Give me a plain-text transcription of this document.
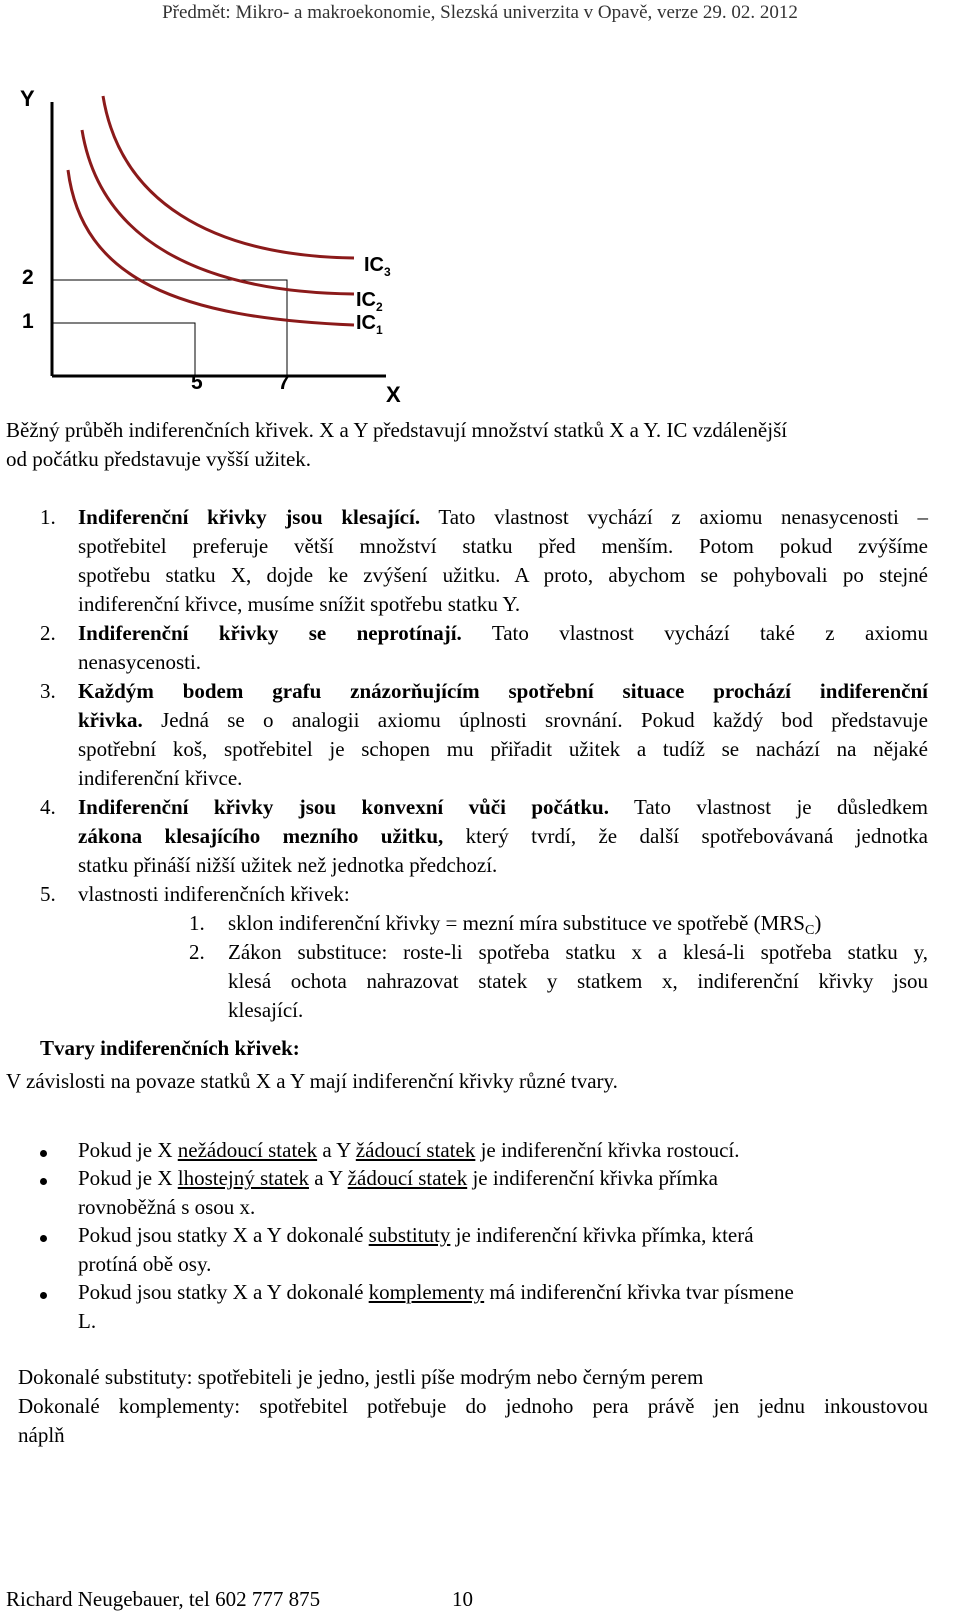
Předmět: Mikro- a makroekonomie, Slezská univerzita v Opavě, verze 29. 02. 2012
Y
X
2
1
5	7
$IC_3$
$IC_2$
$IC_1$
Běžný průběh indiferenčních křivek. X a Y představují množství statků X a Y. IC vzdálenější
od počátku představuje vyšší užitek.
1. Indiferenční křivky jsou klesající. Tato vlastnost vychází z axiomu nenasycenosti –
spotřebitel preferuje větší množství statku před menším. Potom pokud zvýšíme
spotřebu statku X, dojde ke zvýšení užitku. A proto, abychom se pohybovali po stejné
indiferenční křivce, musíme snížit spotřebu statku Y.
2. Indiferenční křivky se neprotínají. Tato vlastnost vychází také z axiomu
nenasycenosti.
3. Každým bodem grafu znázorňujícím spotřební situace prochází indiferenční
křivka. Jedná se o analogii axiomu úplnosti srovnání. Pokud každý bod představuje
spotřební koš, spotřebitel je schopen mu přiřadit užitek a tudíž se nachází na nějaké
indiferenční křivce.
4. Indiferenční křivky jsou konvexní vůči počátku. Tato vlastnost je důsledkem
zákona klesajícího mezního užitku, který tvrdí, že další spotřebovávaná jednotka
statku přináší nižší užitek než jednotka předchozí.
5. vlastnosti indiferenčních křivek:
1. sklon indiferenční křivky = mezní míra substituce ve spotřebě $(MRS_C)$
2. Zákon substituce: roste-li spotřeba statku x a klesá-li spotřeba statku y,
klesá ochota nahrazovat statek y statkem x, indiferenční křivky jsou
klesající.
Tvary indiferenčních křivek:
V závislosti na povaze statků X a Y mají indiferenční křivky různé tvary.
Pokud je X nežádoucí statek a Y žádoucí statek je indiferenční křivka rostoucí.
Pokud je X lhostejný statek a Y žádoucí statek je indiferenční křivka přímka
rovnoběžná s osou x.
Pokud jsou statky X a Y dokonalé substituty je indiferenční křivka přímka, která
protíná obě osy.
Pokud jsou statky X a Y dokonalé komplementy má indiferenční křivka tvar písmene
L.
Dokonalé substituty: spotřebiteli je jedno, jestli píše modrým nebo černým perem
Dokonalé komplementy: spotřebitel potřebuje do jednoho pera právě jen jednu inkoustovou
náplň
Richard Neugebauer, tel 602 777 875	10
